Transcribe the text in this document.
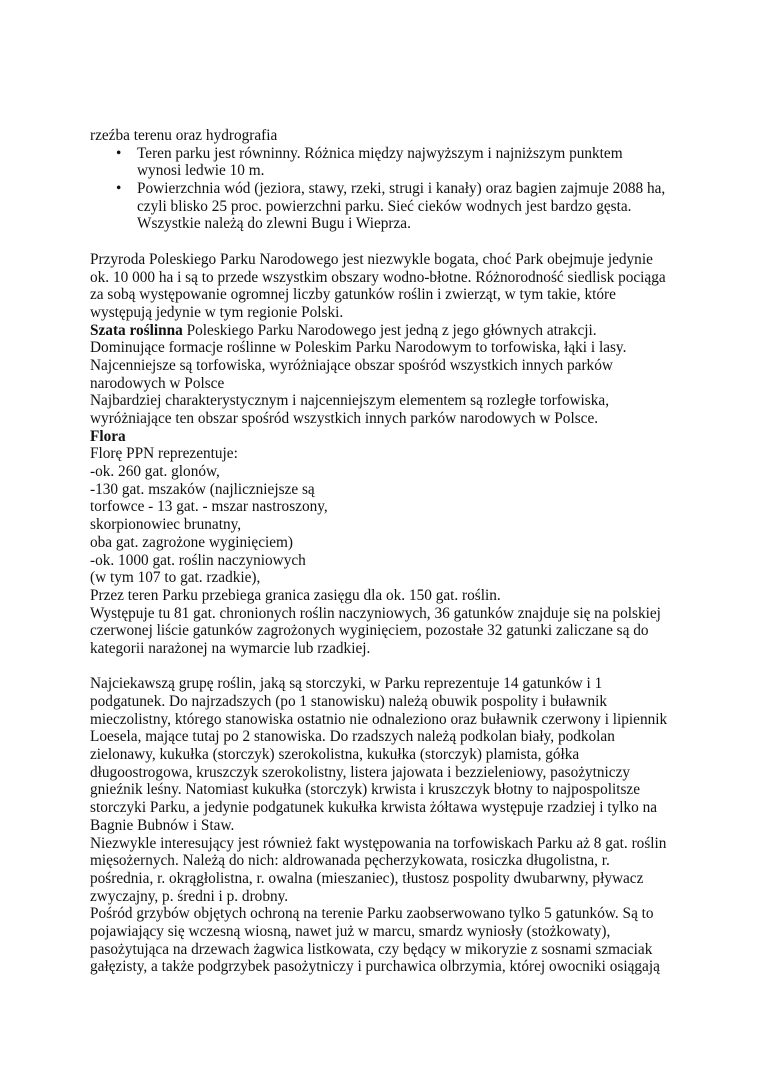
rzeźba terenu oraz hydrografia
• Teren parku jest równinny. Różnica między najwyższym i najniższym punktem
wynosi ledwie 10 m.
• Powierzchnia wód (jeziora, stawy, rzeki, strugi i kanały) oraz bagien zajmuje 2088 ha,
czyli blisko 25 proc. powierzchni parku. Sieć cieków wodnych jest bardzo gęsta.
Wszystkie należą do zlewni Bugu i Wieprza.
Przyroda Poleskiego Parku Narodowego jest niezwykle bogata, choć Park obejmuje jedynie
ok. 10 000 ha i są to przede wszystkim obszary wodno-błotne. Różnorodność siedlisk pociąga
za sobą występowanie ogromnej liczby gatunków roślin i zwierząt, w tym takie, które
występują jedynie w tym regionie Polski.
Szata roślinna Poleskiego Parku Narodowego jest jedną z jego głównych atrakcji.
Dominujące formacje roślinne w Poleskim Parku Narodowym to torfowiska, łąki i lasy.
Najcenniejsze są torfowiska, wyróżniające obszar spośród wszystkich innych parków
narodowych w Polsce
Najbardziej charakterystycznym i najcenniejszym elementem są rozległe torfowiska,
wyróżniające ten obszar spośród wszystkich innych parków narodowych w Polsce.
Flora
Florę PPN reprezentuje:
-ok. 260 gat. glonów,
-130 gat. mszaków (najliczniejsze są
torfowce - 13 gat. - mszar nastroszony,
skorpionowiec brunatny,
oba gat. zagrożone wyginięciem)
-ok. 1000 gat. roślin naczyniowych
(w tym 107 to gat. rzadkie),
Przez teren Parku przebiega granica zasięgu dla ok. 150 gat. roślin.
Występuje tu 81 gat. chronionych roślin naczyniowych, 36 gatunków znajduje się na polskiej
czerwonej liście gatunków zagrożonych wyginięciem, pozostałe 32 gatunki zaliczane są do
kategorii narażonej na wymarcie lub rzadkiej.
Najciekawszą grupę roślin, jaką są storczyki, w Parku reprezentuje 14 gatunków i 1
podgatunek. Do najrzadszych (po 1 stanowisku) należą obuwik pospolity i buławnik
mieczolistny, którego stanowiska ostatnio nie odnaleziono oraz buławnik czerwony i lipiennik
Loesela, mające tutaj po 2 stanowiska. Do rzadszych należą podkolan biały, podkolan
zielonawy, kukułka (storczyk) szerokolistna, kukułka (storczyk) plamista, gółka
długoostrogowa, kruszczyk szerokolistny, listera jajowata i bezzieleniowy, pasożytniczy
gnieźnik leśny. Natomiast kukułka (storczyk) krwista i kruszczyk błotny to najpospolitsze
storczyki Parku, a jedynie podgatunek kukułka krwista żółtawa występuje rzadziej i tylko na
Bagnie Bubnów i Staw.
Niezwykle interesujący jest również fakt występowania na torfowiskach Parku aż 8 gat. roślin
mięsożernych. Należą do nich: aldrowanada pęcherzykowata, rosiczka długolistna, r.
pośrednia, r. okrągłolistna, r. owalna (mieszaniec), tłustosz pospolity dwubarwny, pływacz
zwyczajny, p. średni i p. drobny.
Pośród grzybów objętych ochroną na terenie Parku zaobserwowano tylko 5 gatunków. Są to
pojawiający się wczesną wiosną, nawet już w marcu, smardz wyniosły (stożkowaty),
pasożytująca na drzewach żagwica listkowata, czy będący w mikoryzie z sosnami szmaciak
gałęzisty, a także podgrzybek pasożytniczy i purchawica olbrzymia, której owocniki osiągają
